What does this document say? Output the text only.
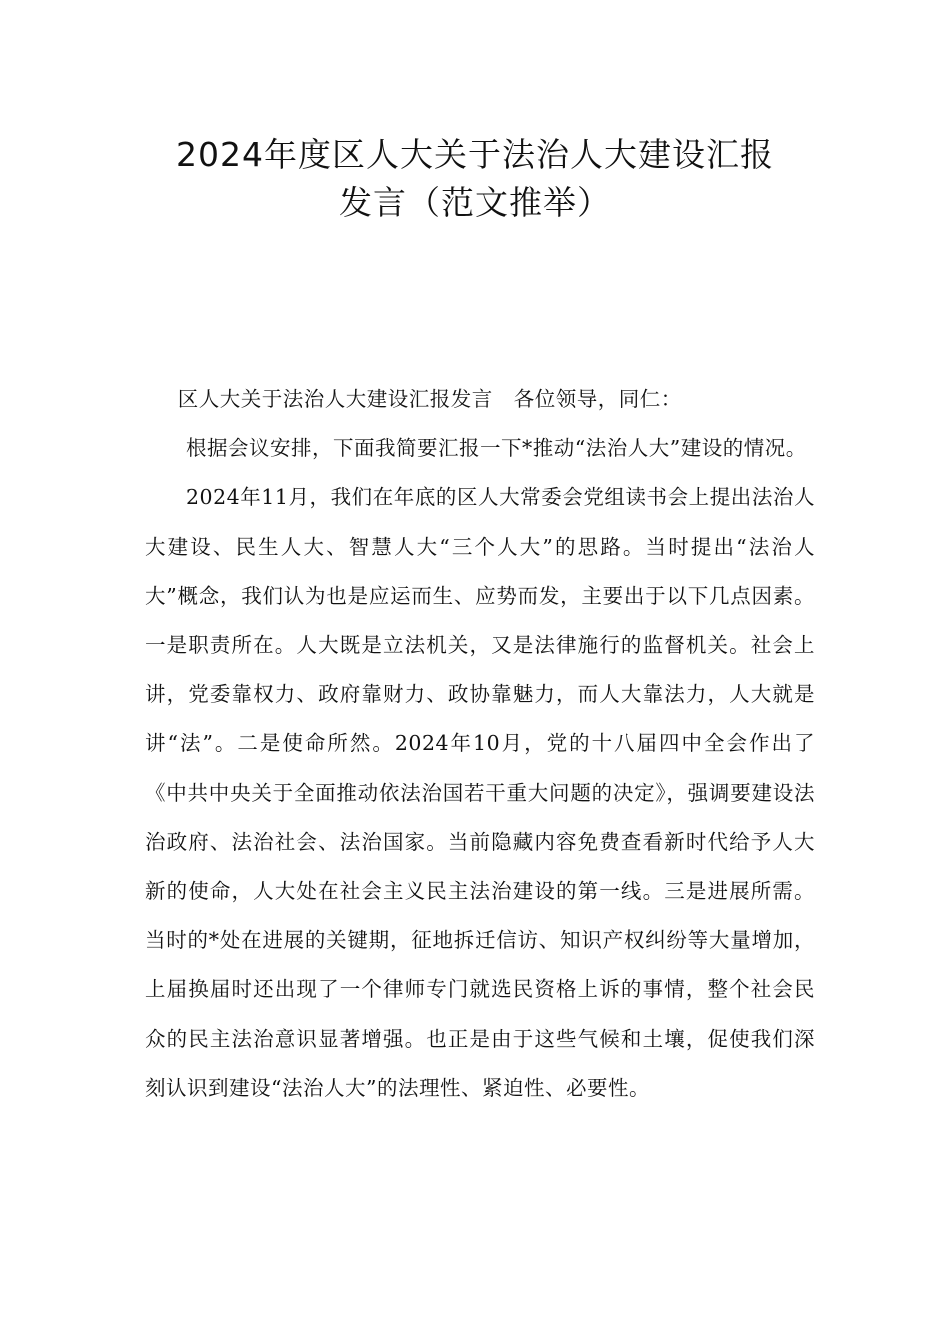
2024年度区人大关于法治人大建设汇报
发言（范文推举）

区人大关于法治人大建设汇报发言　各位领导，同仁：

根据会议安排，下面我简要汇报一下*推动“法治人大”建设的情况。

2024年11月，我们在年底的区人大常委会党组读书会上提出法治人大建设、民生人大、智慧人大“三个人大”的思路。当时提出“法治人大”概念，我们认为也是应运而生、应势而发，主要出于以下几点因素。一是职责所在。人大既是立法机关，又是法律施行的监督机关。社会上讲，党委靠权力、政府靠财力、政协靠魅力，而人大靠法力，人大就是讲“法”。二是使命所然。2024年10月，党的十八届四中全会作出了《中共中央关于全面推动依法治国若干重大问题的决定》，强调要建设法治政府、法治社会、法治国家。当前隐藏内容免费查看新时代给予人大新的使命，人大处在社会主义民主法治建设的第一线。三是进展所需。当时的*处在进展的关键期，征地拆迁信访、知识产权纠纷等大量增加，上届换届时还出现了一个律师专门就选民资格上诉的事情，整个社会民众的民主法治意识显著增强。也正是由于这些气候和土壤，促使我们深刻认识到建设“法治人大”的法理性、紧迫性、必要性。
